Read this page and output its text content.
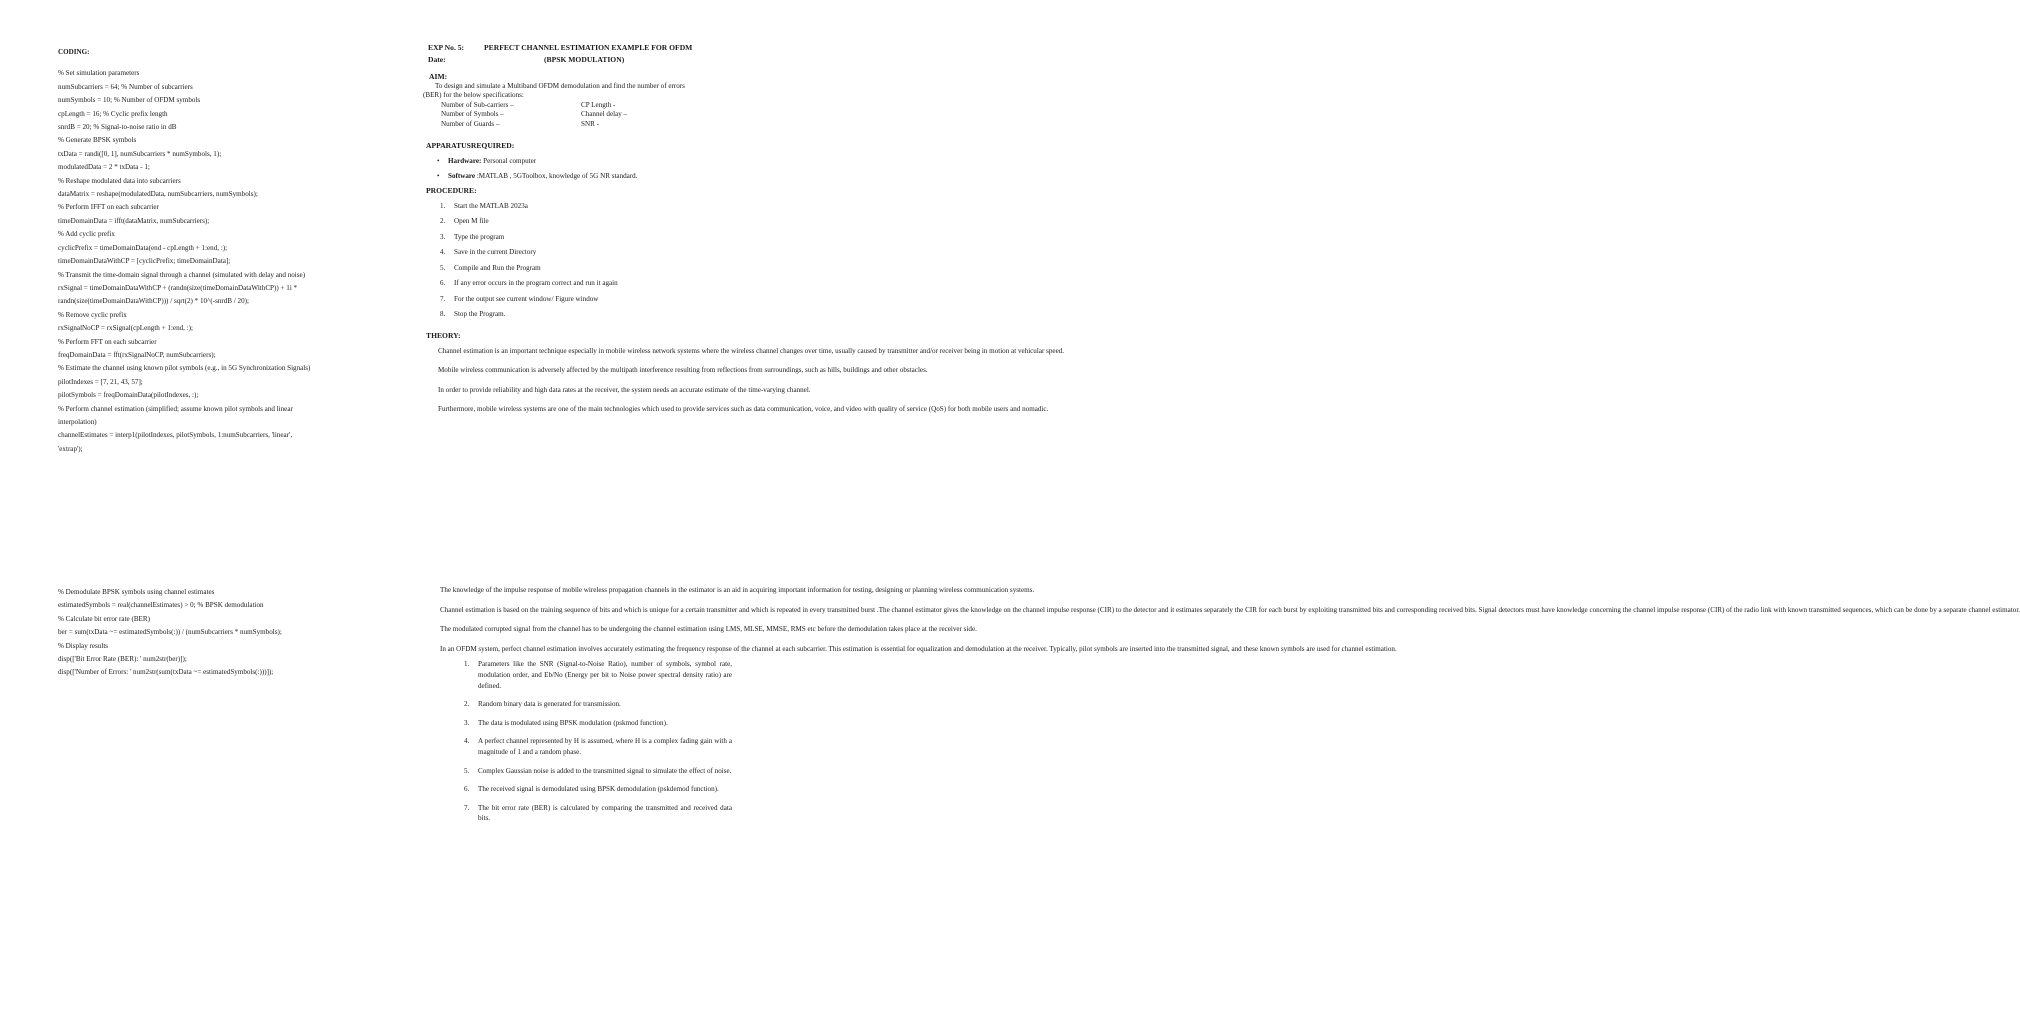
CODING:
% Set simulation parameters
numSubcarriers = 64; % Number of subcarriers
numSymbols = 10; % Number of OFDM symbols
cpLength = 16; % Cyclic prefix length
snrdB = 20; % Signal-to-noise ratio in dB
% Generate BPSK symbols
txData = randi([0, 1], numSubcarriers * numSymbols, 1);
modulatedData = 2 * txData - 1;
% Reshape modulated data into subcarriers
dataMatrix = reshape(modulatedData, numSubcarriers, numSymbols);
% Perform IFFT on each subcarrier
timeDomainData = ifft(dataMatrix, numSubcarriers);
% Add cyclic prefix
cyclicPrefix = timeDomainData(end - cpLength + 1:end, :);
timeDomainDataWithCP = [cyclicPrefix; timeDomainData];
% Transmit the time-domain signal through a channel (simulated with delay and noise)
rxSignal = timeDomainDataWithCP + (randn(size(timeDomainDataWithCP)) + 1i *
randn(size(timeDomainDataWithCP))) / sqrt(2) * 10^(-snrdB / 20);
% Remove cyclic prefix
rxSignalNoCP = rxSignal(cpLength + 1:end, :);
% Perform FFT on each subcarrier
freqDomainData = fft(rxSignalNoCP, numSubcarriers);
% Estimate the channel using known pilot symbols (e.g., in 5G Synchronization Signals)
pilotIndexes = [7, 21, 43, 57];
pilotSymbols = freqDomainData(pilotIndexes, :);
% Perform channel estimation (simplified; assume known pilot symbols and linear
interpolation)
channelEstimates = interp1(pilotIndexes, pilotSymbols, 1:numSubcarriers, 'linear',
'extrap');
% Demodulate BPSK symbols using channel estimates
estimatedSymbols = real(channelEstimates) > 0; % BPSK demodulation
% Calculate bit error rate (BER)
ber = sum(txData ~= estimatedSymbols(:)) / (numSubcarriers * numSymbols);
% Display results
disp(['Bit Error Rate (BER): ' num2str(ber)]);
disp(['Number of Errors: ' num2str(sum(txData ~= estimatedSymbols(:)))]);
EXP No. 5:	PERFECT CHANNEL ESTIMATION EXAMPLE FOR OFDM
Date:	(BPSK MODULATION)
AIM:
To design and simulate a Multiband OFDM demodulation and find the number of errors
(BER) for the below specifications:
Number of Sub-carriers –
Number of Symbols –
Number of Guards –
CP Length -
Channel delay –
SNR -
APPARATUSREQUIRED:
• Hardware: Personal computer
• Software :MATLAB , 5GToolbox, knowledge of 5G NR standard.
PROCEDURE:
1. Start the MATLAB 2023a
2. Open M file
3. Type the program
4. Save in the current Directory
5. Compile and Run the Program
6. If any error occurs in the program correct and run it again
7. For the output see current window/ Figure window
8. Stop the Program.
THEORY:

Channel estimation is an important technique especially in mobile wireless network systems where the wireless channel changes over time, usually caused by transmitter and/or receiver being in motion at vehicular speed.

Mobile wireless communication is adversely affected by the multipath interference resulting from reflections from surroundings, such as hills, buildings and other obstacles.

In order to provide reliability and high data rates at the receiver, the system needs an accurate estimate of the time-varying channel.

Furthermore, mobile wireless systems are one of the main technologies which used to provide services such as data communication, voice, and video with quality of service (QoS) for both mobile users and nomadic.

The knowledge of the impulse response of mobile wireless propagation channels in the estimator is an aid in acquiring important information for testing, designing or planning wireless communication systems.

Channel estimation is based on the training sequence of bits and which is unique for a certain transmitter and which is repeated in every transmitted burst .The channel estimator gives the knowledge on the channel impulse response (CIR) to the detector and it estimates separately the CIR for each burst by exploiting transmitted bits and corresponding received bits. Signal detectors must have knowledge concerning the channel impulse response (CIR) of the radio link with known transmitted sequences, which can be done by a separate channel estimator.

The modulated corrupted signal from the channel has to be undergoing the channel estimation using LMS, MLSE, MMSE, RMS etc before the demodulation takes place at the receiver side.

In an OFDM system, perfect channel estimation involves accurately estimating the frequency response of the channel at each subcarrier. This estimation is essential for equalization and demodulation at the receiver. Typically, pilot symbols are inserted into the transmitted signal, and these known symbols are used for channel estimation.

1. Parameters like the SNR (Signal-to-Noise Ratio), number of symbols, symbol rate, modulation order, and Eb/No (Energy per bit to Noise power spectral density ratio) are defined.
2. Random binary data is generated for transmission.
3. The data is modulated using BPSK modulation (pskmod function).
4. A perfect channel represented by H is assumed, where H is a complex fading gain with a magnitude of 1 and a random phase.
5. Complex Gaussian noise is added to the transmitted signal to simulate the effect of noise.
6. The received signal is demodulated using BPSK demodulation (pskdemod function).
7. The bit error rate (BER) is calculated by comparing the transmitted and received data bits.
